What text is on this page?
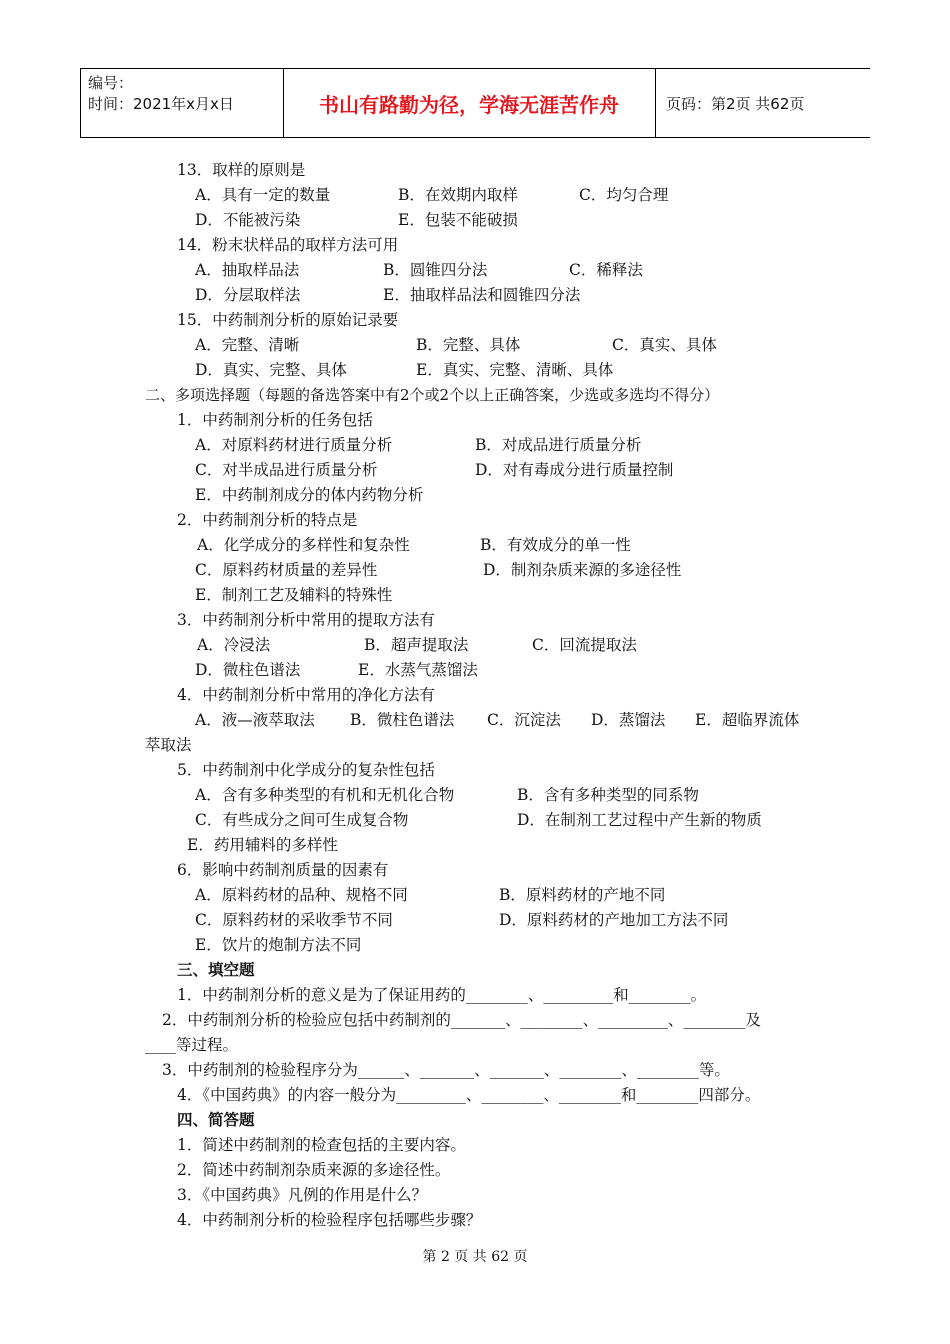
编号：
时间：2021年x月x日	书山有路勤为径，学海无涯苦作舟	页码：第2页 共62页
13．取样的原则是
A．具有一定的数量	B．在效期内取样	C．均匀合理
D．不能被污染	E．包装不能破损
14．粉末状样品的取样方法可用
A．抽取样品法	B．圆锥四分法	C．稀释法
D．分层取样法	E．抽取样品法和圆锥四分法
15．中药制剂分析的原始记录要
A．完整、清晰	B．完整、具体	C．真实、具体
D．真实、完整、具体	E．真实、完整、清晰、具体
二、多项选择题（每题的备选答案中有2个或2个以上正确答案，少选或多选均不得分）
1．中药制剂分析的任务包括
A．对原料药材进行质量分析	B．对成品进行质量分析
C．对半成品进行质量分析	D．对有毒成分进行质量控制
E．中药制剂成分的体内药物分析
2．中药制剂分析的特点是
A．化学成分的多样性和复杂性	B．有效成分的单一性
C．原料药材质量的差异性	D．制剂杂质来源的多途径性
E．制剂工艺及辅料的特殊性
3．中药制剂分析中常用的提取方法有
A．冷浸法	B．超声提取法	C．回流提取法
D．微柱色谱法	E．水蒸气蒸馏法
4．中药制剂分析中常用的净化方法有
A．液—液萃取法 B．微柱色谱法 C．沉淀法 D．蒸馏法 E．超临界流体
萃取法
5．中药制剂中化学成分的复杂性包括
A．含有多种类型的有机和无机化合物	B．含有多种类型的同系物
C．有些成分之间可生成复合物	D．在制剂工艺过程中产生新的物质
E．药用辅料的多样性
6．影响中药制剂质量的因素有
A．原料药材的品种、规格不同	B．原料药材的产地不同
C．原料药材的采收季节不同	D．原料药材的产地加工方法不同
E．饮片的炮制方法不同
三、填空题
1．中药制剂分析的意义是为了保证用药的________、_________和________。
2．中药制剂分析的检验应包括中药制剂的_______、________、_________、________及
____等过程。
3．中药制剂的检验程序分为______、_______、_______、________、________等。
4．《中国药典》的内容一般分为_________、________、________和________四部分。
四、简答题
1．简述中药制剂的检查包括的主要内容。
2．简述中药制剂杂质来源的多途径性。
3．《中国药典》凡例的作用是什么？
4．中药制剂分析的检验程序包括哪些步骤？
第 2 页 共 62 页
